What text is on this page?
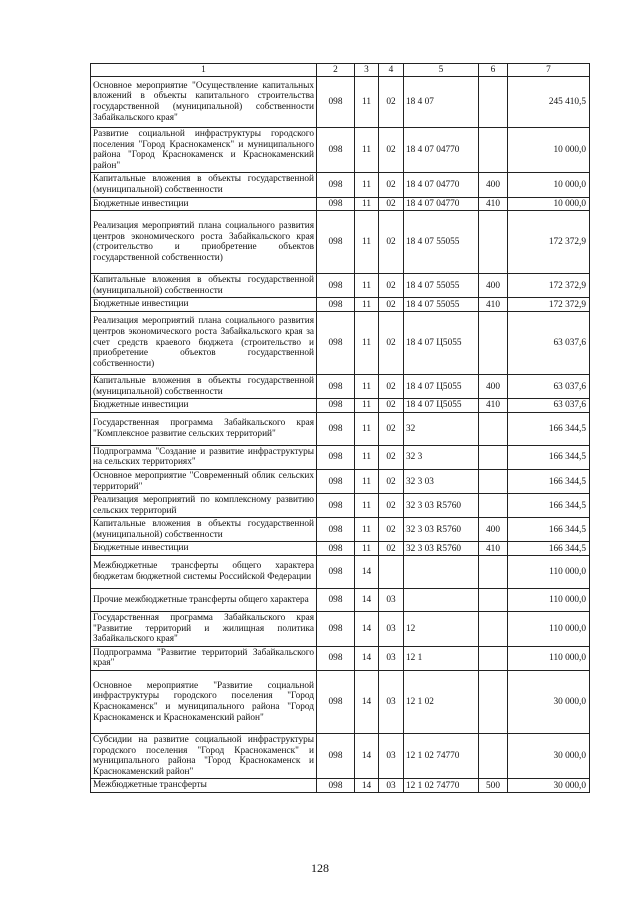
1	2	3	4	5	6	7
Основное мероприятие "Осуществление капитальных вложений в объекты капитального строительства государственной (муниципальной) собственности Забайкальского края"	098	11	02	18 4 07		245 410,5
Развитие социальной инфраструктуры городского поселения "Город Краснокаменск" и муниципального района "Город Краснокаменск и Краснокаменский район"	098	11	02	18 4 07 04770		10 000,0
Капитальные вложения в объекты государственной (муниципальной) собственности	098	11	02	18 4 07 04770	400	10 000,0
Бюджетные инвестиции	098	11	02	18 4 07 04770	410	10 000,0
Реализация мероприятий плана социального развития центров экономического роста Забайкальского края (строительство и приобретение объектов государственной собственности)	098	11	02	18 4 07 55055		172 372,9
Капитальные вложения в объекты государственной (муниципальной) собственности	098	11	02	18 4 07 55055	400	172 372,9
Бюджетные инвестиции	098	11	02	18 4 07 55055	410	172 372,9
Реализация мероприятий плана социального развития центров экономического роста Забайкальского края за счет средств краевого бюджета (строительство и приобретение объектов государственной собственности)	098	11	02	18 4 07 Ц5055		63 037,6
Капитальные вложения в объекты государственной (муниципальной) собственности	098	11	02	18 4 07 Ц5055	400	63 037,6
Бюджетные инвестиции	098	11	02	18 4 07 Ц5055	410	63 037,6
Государственная программа Забайкальского края "Комплексное развитие сельских территорий"	098	11	02	32		166 344,5
Подпрограмма "Создание и развитие инфраструктуры на сельских территориях"	098	11	02	32 3		166 344,5
Основное мероприятие "Современный облик сельских территорий"	098	11	02	32 3 03		166 344,5
Реализация мероприятий по комплексному развитию сельских территорий	098	11	02	32 3 03 R5760		166 344,5
Капитальные вложения в объекты государственной (муниципальной) собственности	098	11	02	32 3 03 R5760	400	166 344,5
Бюджетные инвестиции	098	11	02	32 3 03 R5760	410	166 344,5
Межбюджетные трансферты общего характера бюджетам бюджетной системы Российской Федерации	098	14				110 000,0
Прочие межбюджетные трансферты общего характера	098	14	03			110 000,0
Государственная программа Забайкальского края "Развитие территорий и жилищная политика Забайкальского края"	098	14	03	12		110 000,0
Подпрограмма "Развитие территорий Забайкальского края"	098	14	03	12 1		110 000,0
Основное мероприятие "Развитие социальной инфраструктуры городского поселения "Город Краснокаменск" и муниципального района "Город Краснокаменск и Краснокаменский район"	098	14	03	12 1 02		30 000,0
Субсидии на развитие социальной инфраструктуры городского поселения "Город Краснокаменск" и муниципального района "Город Краснокаменск и Краснокаменский район"	098	14	03	12 1 02 74770		30 000,0
Межбюджетные трансферты	098	14	03	12 1 02 74770	500	30 000,0
128
